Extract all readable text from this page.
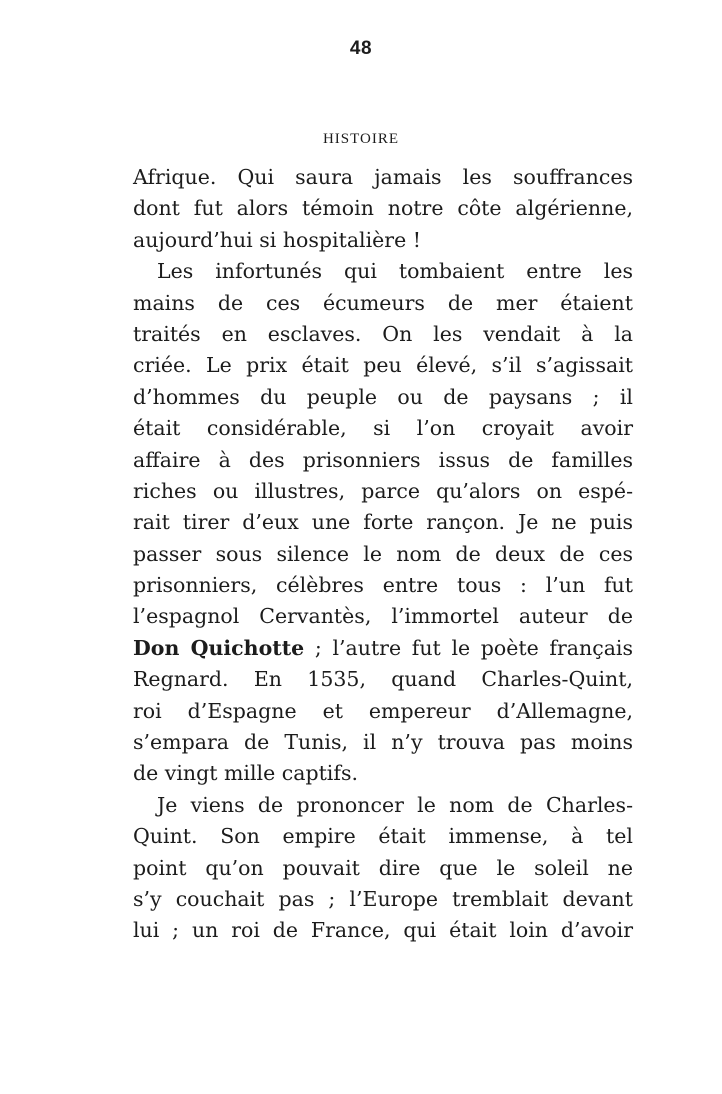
48
HISTOIRE
Afrique. Qui saura jamais les souffrances
dont fut alors témoin notre côte algérienne,
aujourd’hui si hospitalière !
Les infortunés qui tombaient entre les
mains de ces écumeurs de mer étaient
traités en esclaves. On les vendait à la
criée. Le prix était peu élevé, s’il s’agissait
d’hommes du peuple ou de paysans ; il
était considérable, si l’on croyait avoir
affaire à des prisonniers issus de familles
riches ou illustres, parce qu’alors on espé-
rait tirer d’eux une forte rançon. Je ne puis
passer sous silence le nom de deux de ces
prisonniers, célèbres entre tous : l’un fut
l’espagnol Cervantès, l’immortel auteur de
Don Quichotte ; l’autre fut le poète français
Regnard. En 1535, quand Charles-Quint,
roi d’Espagne et empereur d’Allemagne,
s’empara de Tunis, il n’y trouva pas moins
de vingt mille captifs.
Je viens de prononcer le nom de Charles-
Quint. Son empire était immense, à tel
point qu’on pouvait dire que le soleil ne
s’y couchait pas ; l’Europe tremblait devant
lui ; un roi de France, qui était loin d’avoir
